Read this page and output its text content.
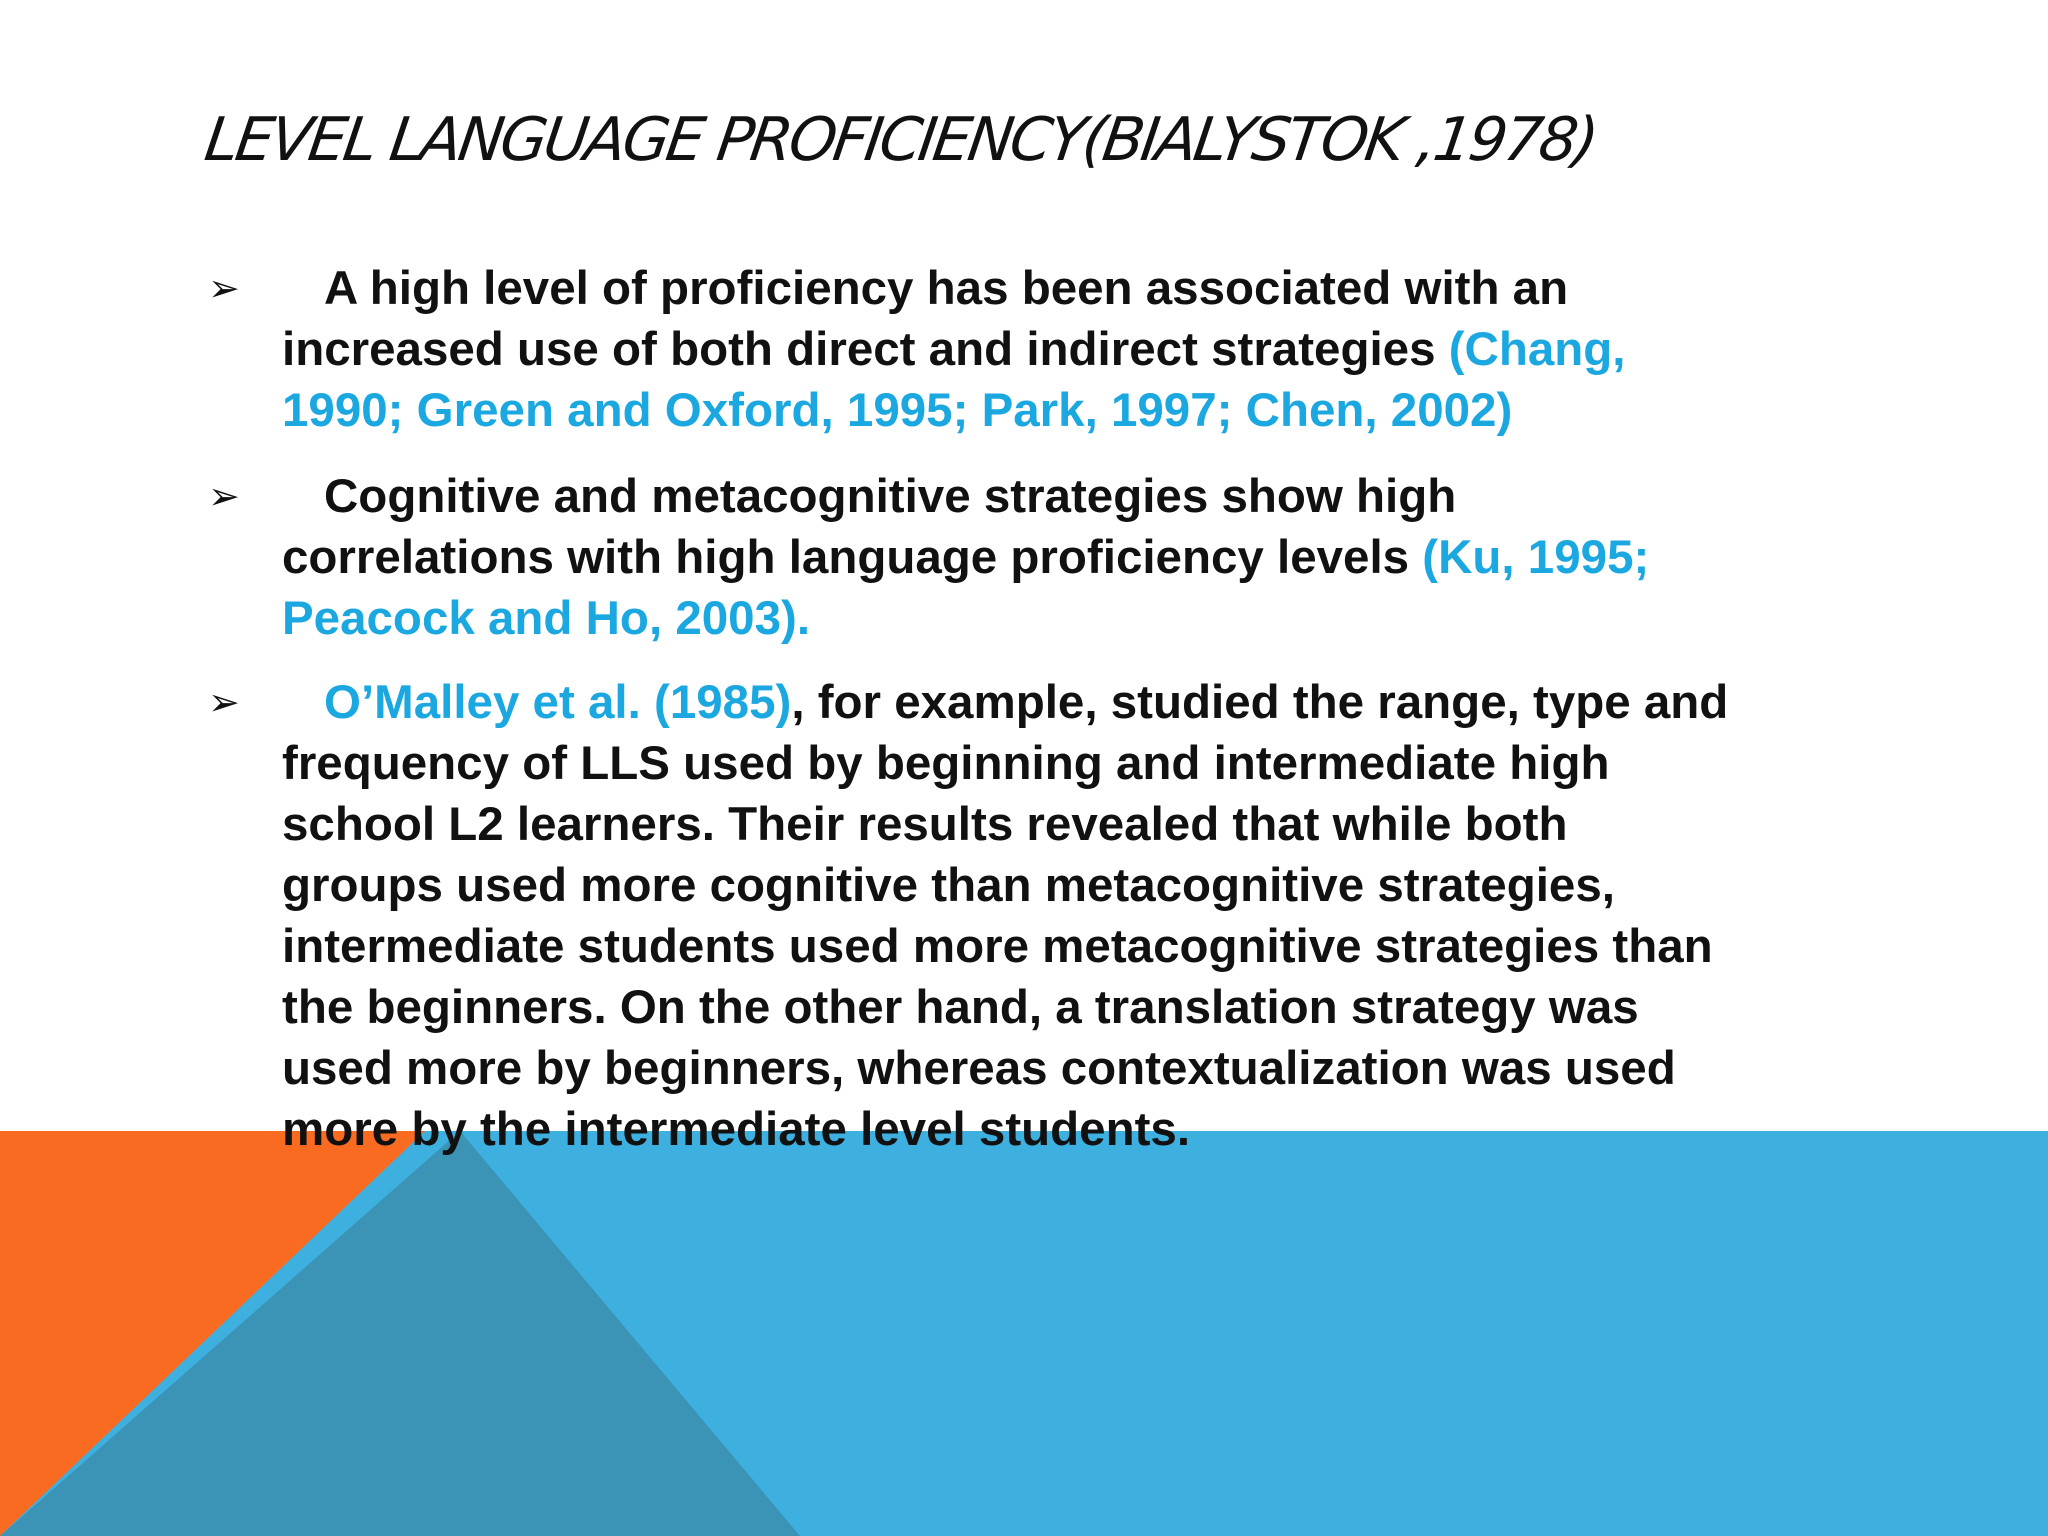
LEVEL LANGUAGE PROFICIENCY(BIALYSTOK ,1978)
➢	A high level of proficiency has been associated with an
increased use of both direct and indirect strategies (Chang,
1990; Green and Oxford, 1995; Park, 1997; Chen, 2002)

➢	Cognitive and metacognitive strategies show high
correlations with high language proficiency levels (Ku, 1995;
Peacock and Ho, 2003).

➢	O’Malley et al. (1985), for example, studied the range, type and
frequency of LLS used by beginning and intermediate high
school L2 learners. Their results revealed that while both
groups used more cognitive than metacognitive strategies,
intermediate students used more metacognitive strategies than
the beginners. On the other hand, a translation strategy was
used more by beginners, whereas contextualization was used
more by the intermediate level students.
